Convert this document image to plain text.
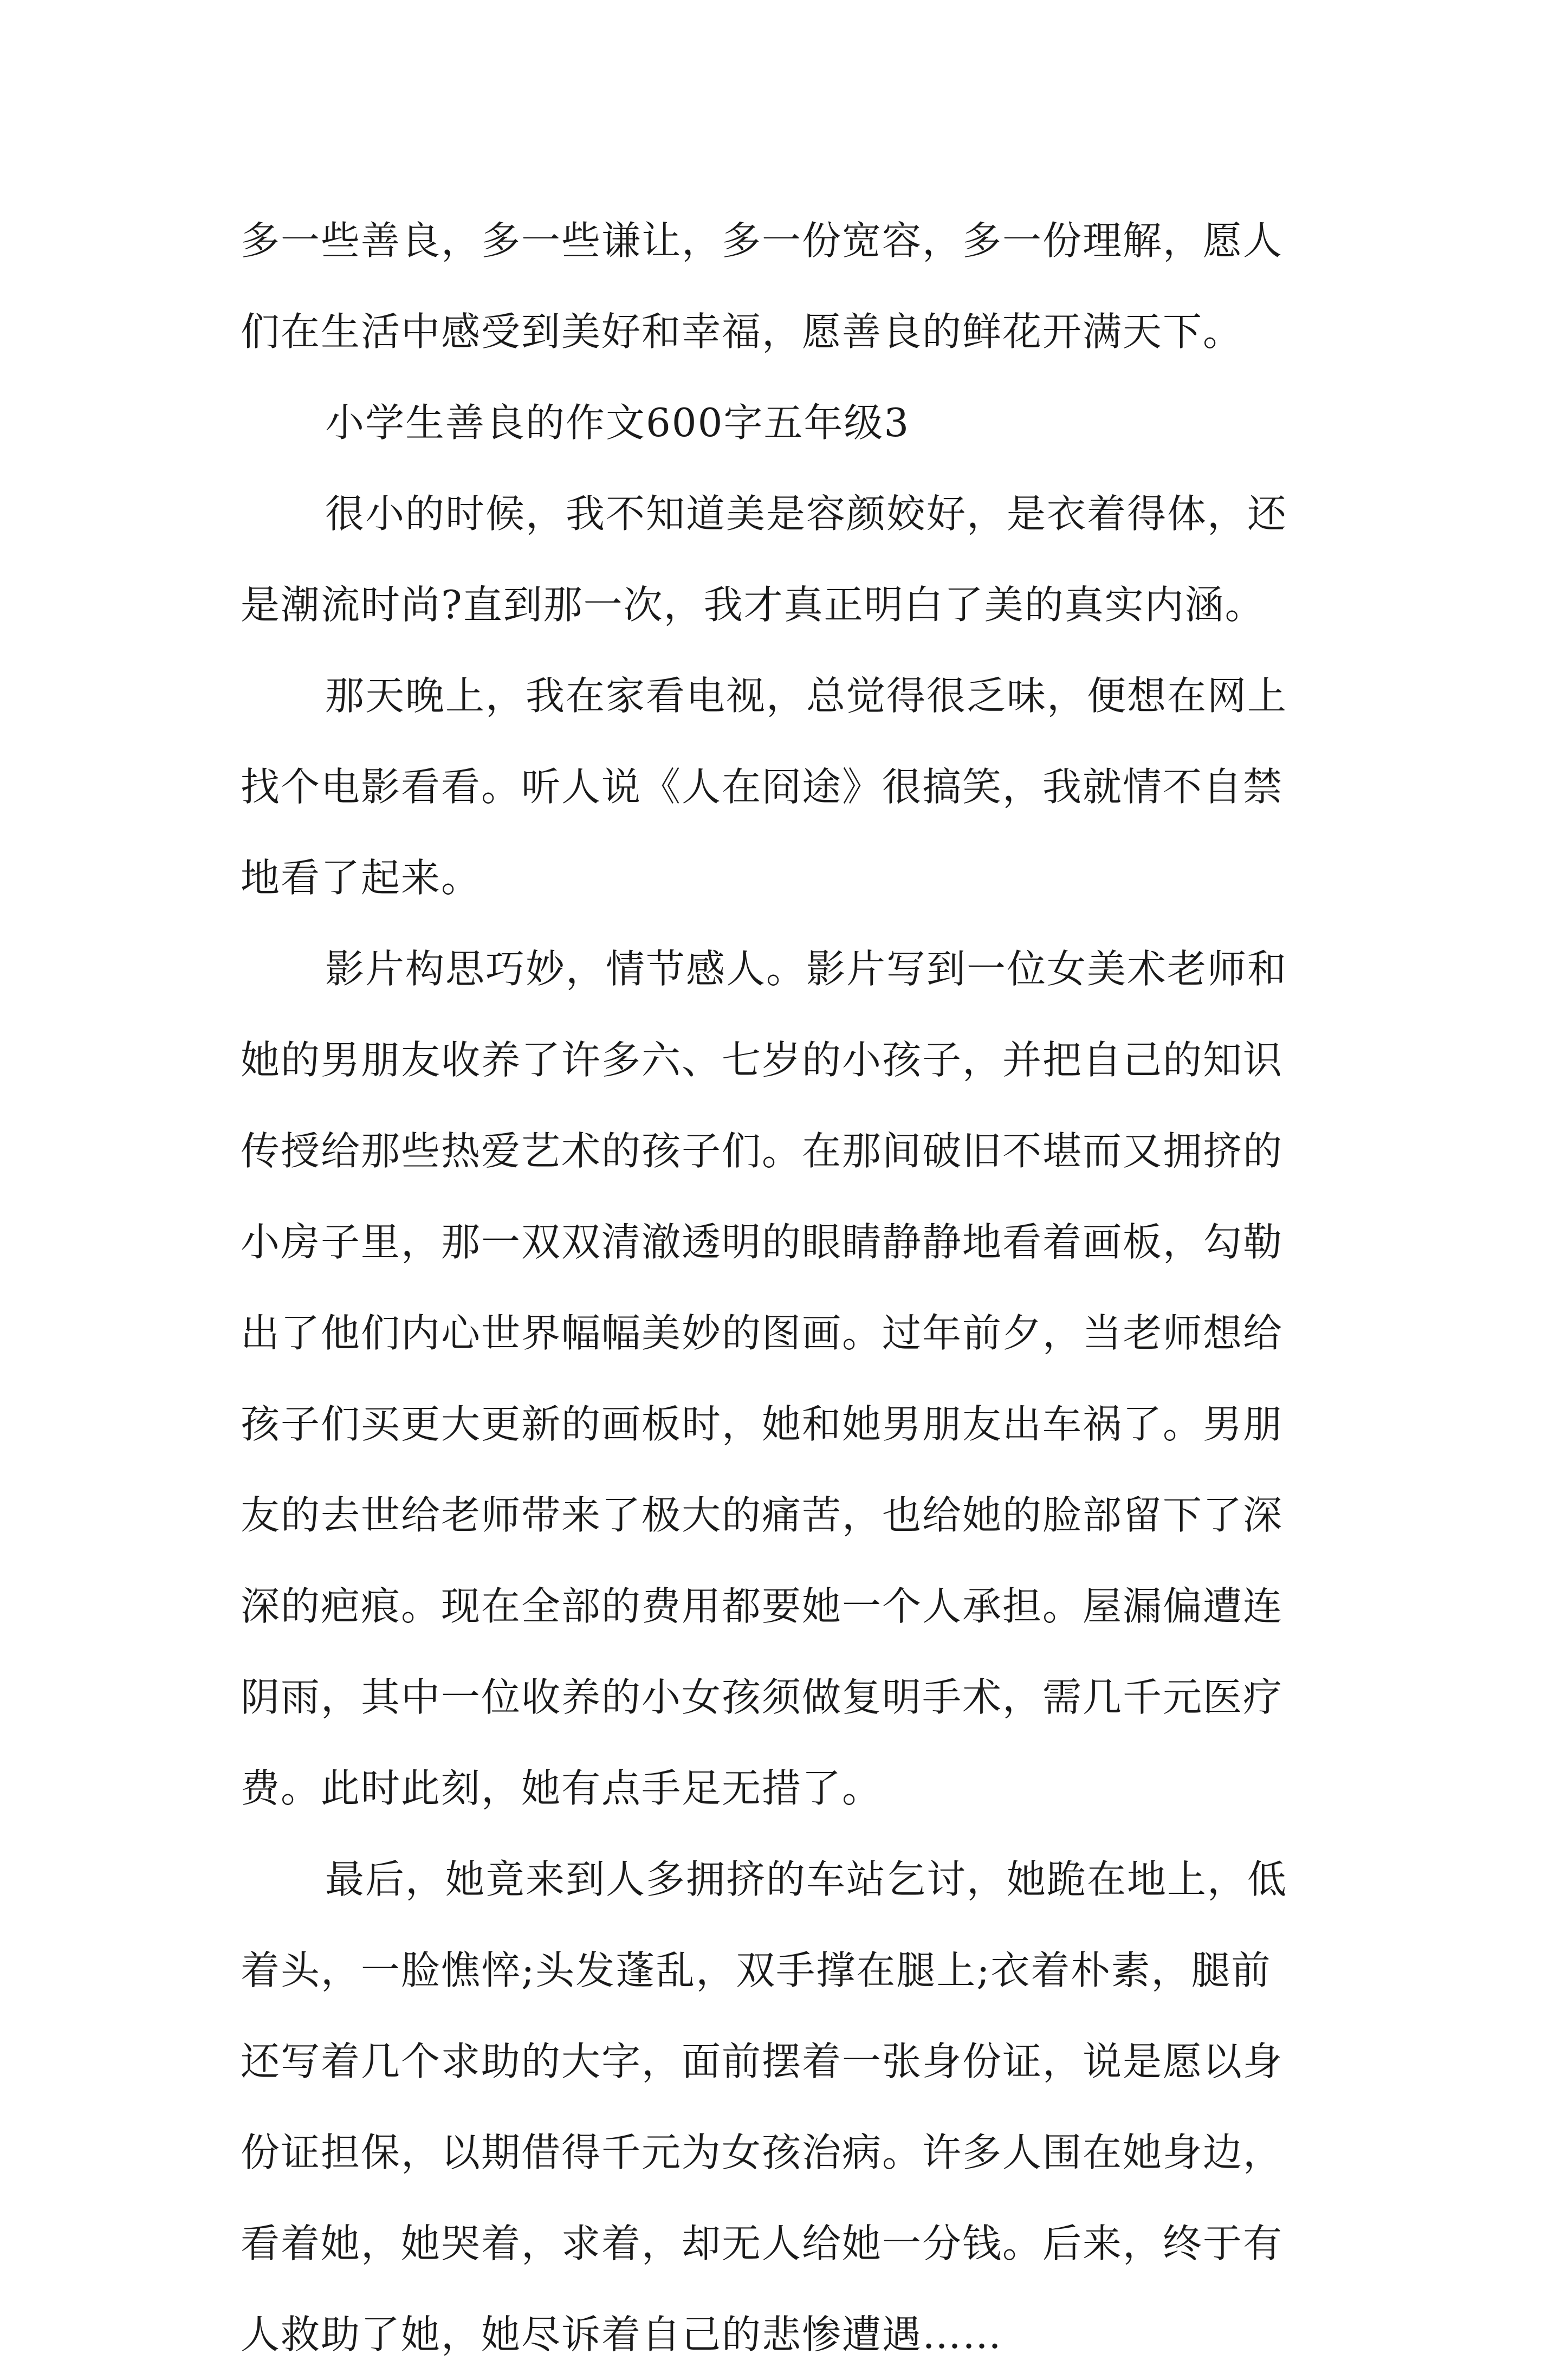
多一些善良，多一些谦让，多一份宽容，多一份理解，愿人
们在生活中感受到美好和幸福，愿善良的鲜花开满天下。
小学生善良的作文600字五年级3
很小的时候，我不知道美是容颜姣好，是衣着得体，还
是潮流时尚?直到那一次，我才真正明白了美的真实内涵。
那天晚上，我在家看电视，总觉得很乏味，便想在网上
找个电影看看。听人说《人在冏途》很搞笑，我就情不自禁
地看了起来。
影片构思巧妙，情节感人。影片写到一位女美术老师和
她的男朋友收养了许多六、七岁的小孩子，并把自己的知识
传授给那些热爱艺术的孩子们。在那间破旧不堪而又拥挤的
小房子里，那一双双清澈透明的眼睛静静地看着画板，勾勒
出了他们内心世界幅幅美妙的图画。过年前夕，当老师想给
孩子们买更大更新的画板时，她和她男朋友出车祸了。男朋
友的去世给老师带来了极大的痛苦，也给她的脸部留下了深
深的疤痕。现在全部的费用都要她一个人承担。屋漏偏遭连
阴雨，其中一位收养的小女孩须做复明手术，需几千元医疗
费。此时此刻，她有点手足无措了。
最后，她竟来到人多拥挤的车站乞讨，她跪在地上，低
着头，一脸憔悴;头发蓬乱，双手撑在腿上;衣着朴素，腿前
还写着几个求助的大字，面前摆着一张身份证，说是愿以身
份证担保，以期借得千元为女孩治病。许多人围在她身边，
看着她，她哭着，求着，却无人给她一分钱。后来，终于有
人救助了她，她尽诉着自己的悲惨遭遇……
